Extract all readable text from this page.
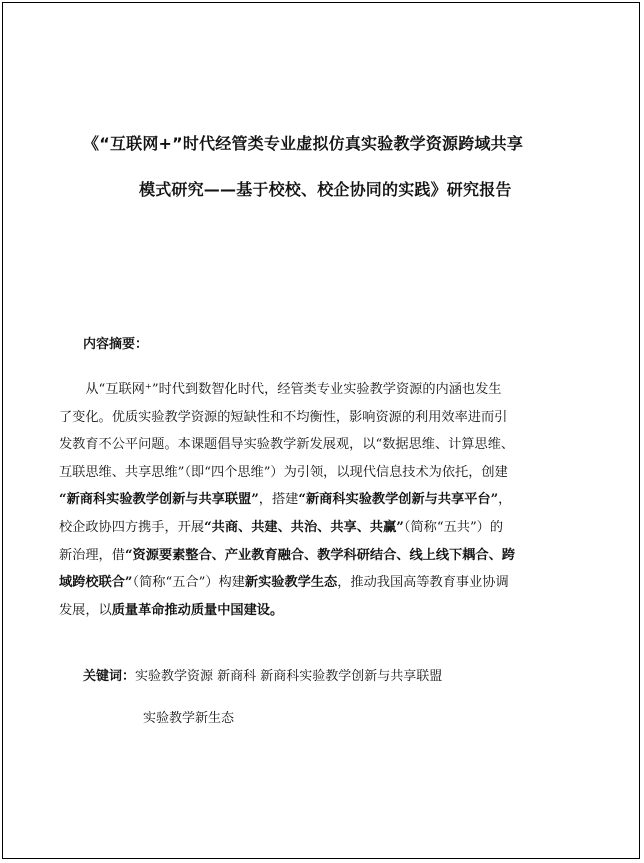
《“互联网+”时代经管类专业虚拟仿真实验教学资源跨域共享
模式研究——基于校校、校企协同的实践》研究报告
内容摘要：
　　从“互联网⁺”时代到数智化时代，经管类专业实验教学资源的内涵也发生
了变化。优质实验教学资源的短缺性和不均衡性，影响资源的利用效率进而引
发教育不公平问题。本课题倡导实验教学新发展观，以“数据思维、计算思维、
互联思维、共享思维”（即“四个思维”）为引领，以现代信息技术为依托，创建
“新商科实验教学创新与共享联盟”，搭建“新商科实验教学创新与共享平台”，
校企政协四方携手，开展“共商、共建、共治、共享、共赢”（简称“五共”）的
新治理，借“资源要素整合、产业教育融合、教学科研结合、线上线下耦合、跨
域跨校联合”（简称“五合”）构建新实验教学生态，推动我国高等教育事业协调
发展，以质量革命推动质量中国建设。
关键词：实验教学资源 新商科 新商科实验教学创新与共享联盟
实验教学新生态
